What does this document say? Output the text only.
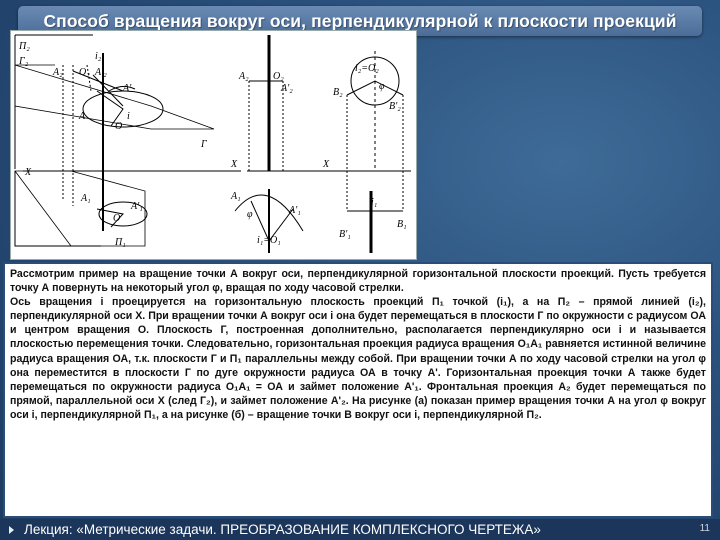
Способ вращения вокруг оси, перпендикулярной к плоскости проекций
П₂
Г₂
A₂ O₂ A'₂
i₂
A'
i
O
A
X
Г
A₁
A'₁
O
П₁
A₂ O₂
A'₂
X
A₁
φ	A'₁
i₁=O₁
i₂=O₂
B₂
B'₂
φ
X
i₁
B₁
B'₁

Рассмотрим пример на вращение точки А вокруг оси, перпендикулярной горизонтальной плоскости проекций. Пусть требуется точку А повернуть на некоторый угол φ, вращая по ходу часовой стрелки.

Ось вращения i проецируется на горизонтальную плоскость проекций П₁ точкой (i₁), а на П₂ – прямой линией (i₂), перпендикулярной оси X. При вращении точки А вокруг оси i она будет перемещаться в плоскости Г по окружности с радиусом ОА и центром вращения О. Плоскость Г, построенная дополнительно, располагается перпендикулярно оси i и называется плоскостью перемещения точки. Следовательно, горизонтальная проекция радиуса вращения О₁А₁ равняется истинной величине радиуса вращения ОА, т.к. плоскости Г и П₁ параллельны между собой. При вращении точки А по ходу часовой стрелки на угол φ она переместится в плоскости Г по дуге окружности радиуса ОА в точку А'. Горизонтальная проекция точки А также будет перемещаться по окружности радиуса О₁А₁ = ОА и займет положение А'₁. Фронтальная проекция А₂ будет перемещаться по прямой, параллельной оси Х (след Г₂), и займет положение А'₂. На рисунке (а) показан пример вращения точки А на угол φ вокруг оси i, перпендикулярной П₁, а на рисунке (б) – вращение точки В вокруг оси i, перпендикулярной П₂.

Лекция: «Метрические задачи. ПРЕОБРАЗОВАНИЕ КОМПЛЕКСНОГО ЧЕРТЕЖА»	11
